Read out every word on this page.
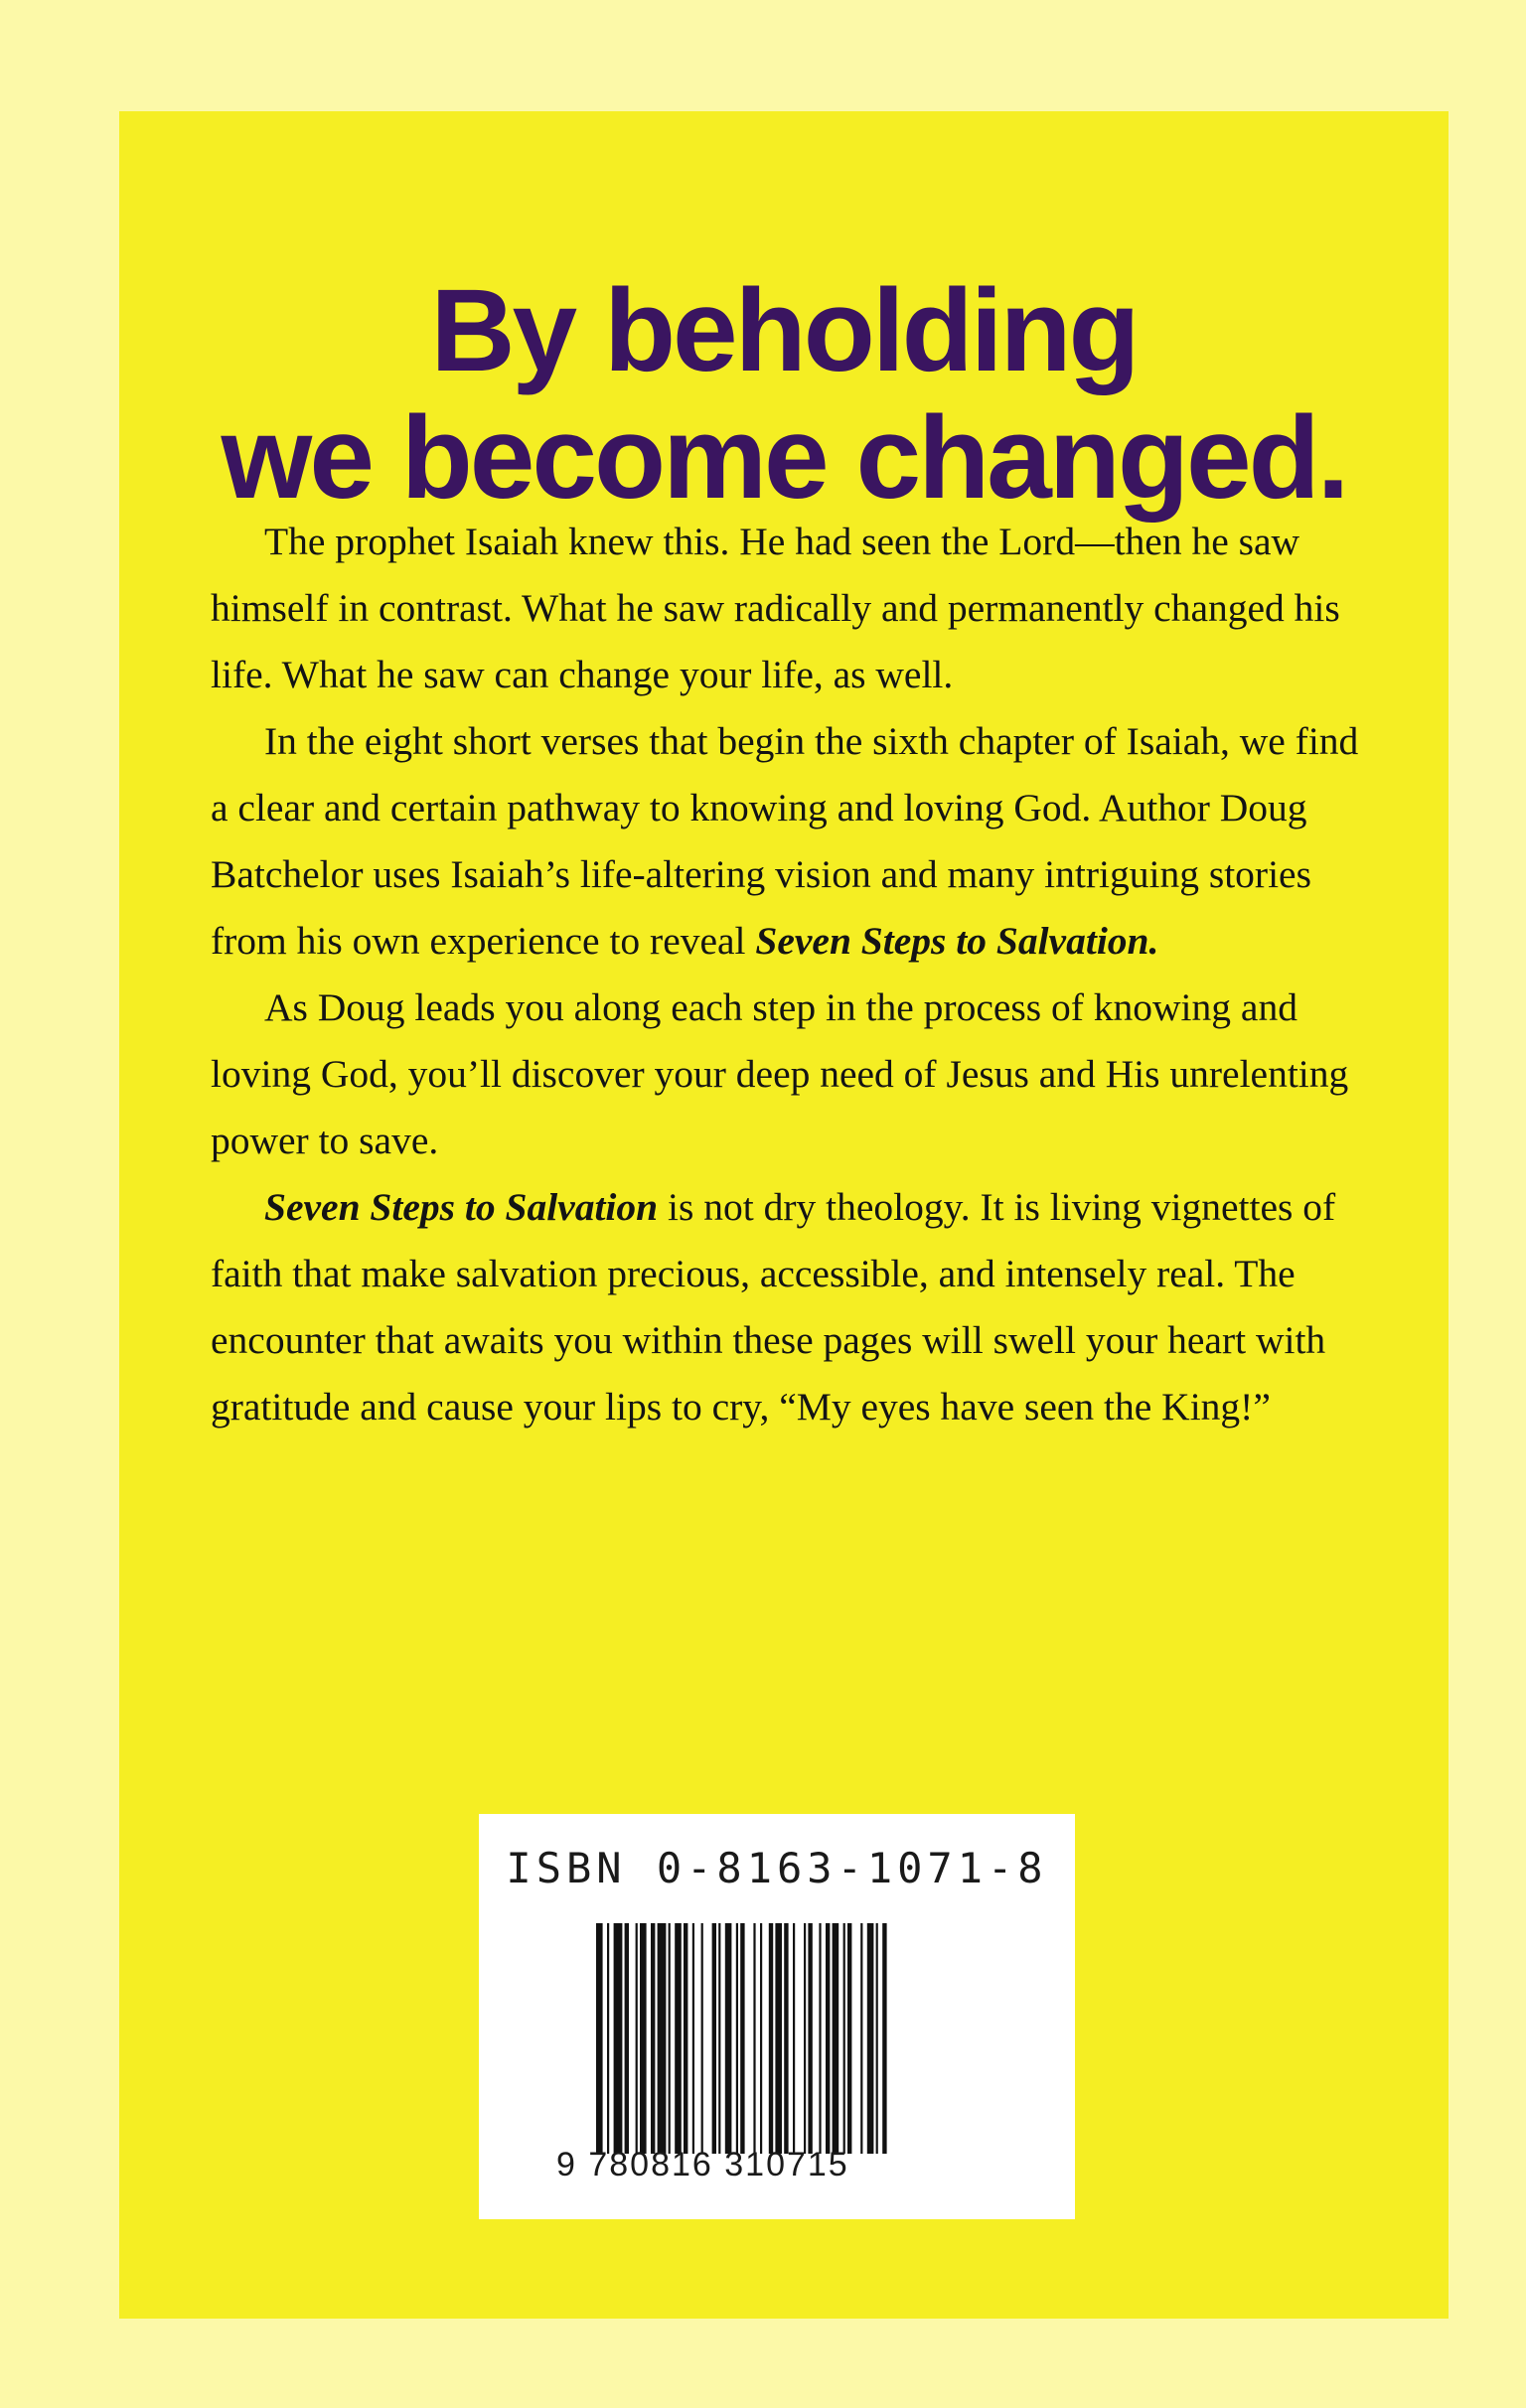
By beholding
we become changed.

The prophet Isaiah knew this. He had seen the Lord—then he saw himself in contrast. What he saw radically and permanently changed his life. What he saw can change your life, as well.

In the eight short verses that begin the sixth chapter of Isaiah, we find a clear and certain pathway to knowing and loving God. Author Doug Batchelor uses Isaiah’s life-altering vision and many intriguing stories from his own experience to reveal Seven Steps to Salvation.

As Doug leads you along each step in the process of knowing and loving God, you’ll discover your deep need of Jesus and His unrelenting power to save.

Seven Steps to Salvation is not dry theology. It is living vignettes of faith that make salvation precious, accessible, and intensely real. The encounter that awaits you within these pages will swell your heart with gratitude and cause your lips to cry, “My eyes have seen the King!”

ISBN 0-8163-1071-8
9 780816 310715
